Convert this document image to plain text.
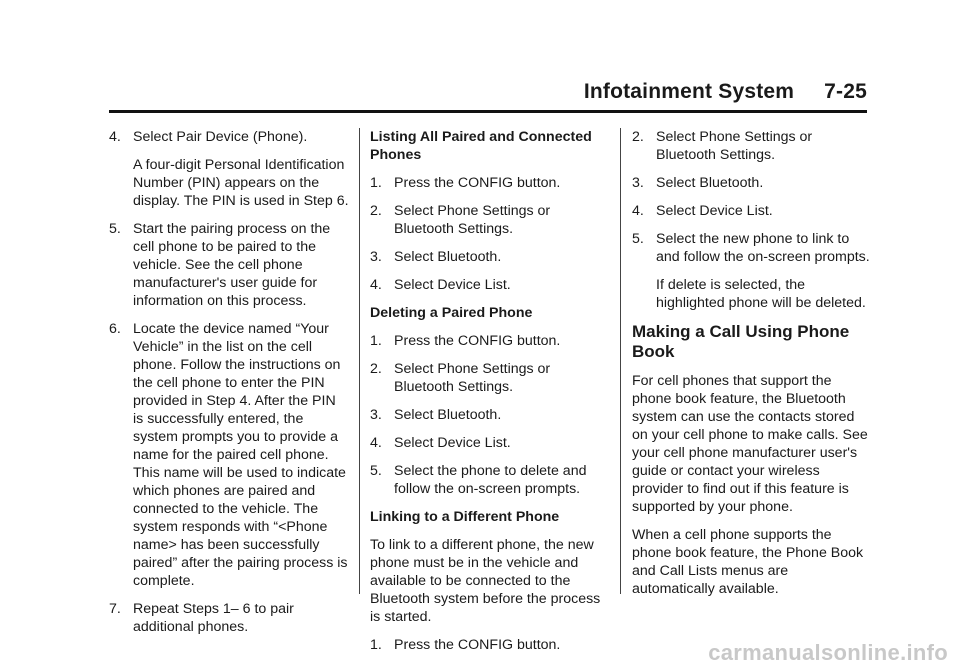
Infotainment System 7-25
4. Select Pair Device (Phone).
A four-digit Personal Identification Number (PIN) appears on the display. The PIN is used in Step 6.
5. Start the pairing process on the cell phone to be paired to the vehicle. See the cell phone manufacturer's user guide for information on this process.
6. Locate the device named “Your Vehicle” in the list on the cell phone. Follow the instructions on the cell phone to enter the PIN provided in Step 4. After the PIN is successfully entered, the system prompts you to provide a name for the paired cell phone. This name will be used to indicate which phones are paired and connected to the vehicle. The system responds with “<Phone name> has been successfully paired” after the pairing process is complete.
7. Repeat Steps 1– 6 to pair additional phones.
Listing All Paired and Connected Phones
1. Press the CONFIG button.
2. Select Phone Settings or Bluetooth Settings.
3. Select Bluetooth.
4. Select Device List.
Deleting a Paired Phone
1. Press the CONFIG button.
2. Select Phone Settings or Bluetooth Settings.
3. Select Bluetooth.
4. Select Device List.
5. Select the phone to delete and follow the on-screen prompts.
Linking to a Different Phone
To link to a different phone, the new phone must be in the vehicle and available to be connected to the Bluetooth system before the process is started.
1. Press the CONFIG button.
2. Select Phone Settings or Bluetooth Settings.
3. Select Bluetooth.
4. Select Device List.
5. Select the new phone to link to and follow the on-screen prompts.
If delete is selected, the highlighted phone will be deleted.
Making a Call Using Phone Book
For cell phones that support the phone book feature, the Bluetooth system can use the contacts stored on your cell phone to make calls. See your cell phone manufacturer user's guide or contact your wireless provider to find out if this feature is supported by your phone.
When a cell phone supports the phone book feature, the Phone Book and Call Lists menus are automatically available.
carmanualsonline.info
